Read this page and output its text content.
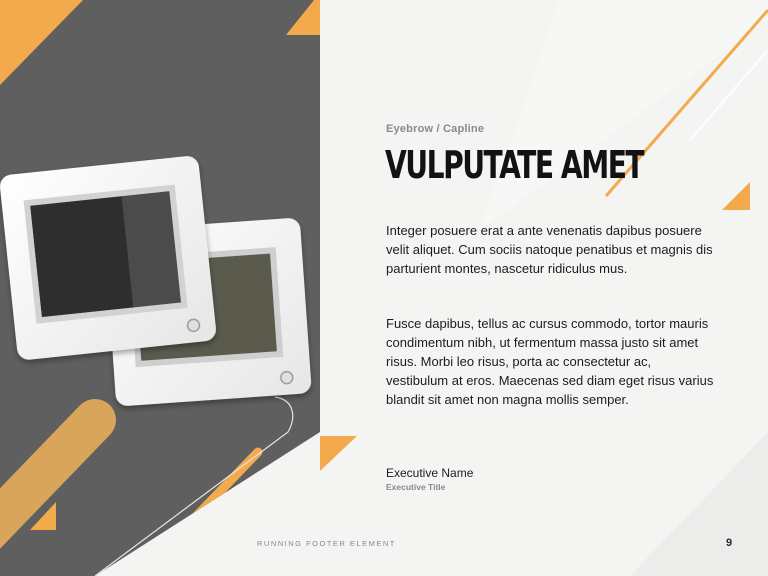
Eyebrow / Capline
VULPUTATE AMET
Integer posuere erat a ante venenatis dapibus posuere velit aliquet. Cum sociis natoque penatibus et magnis dis parturient montes, nascetur ridiculus mus.
Fusce dapibus, tellus ac cursus commodo, tortor mauris condimentum nibh, ut fermentum massa justo sit amet risus. Morbi leo risus, porta ac consectetur ac, vestibulum at eros. Maecenas sed diam eget risus varius blandit sit amet non magna mollis semper.
Executive Name
Executive Title
RUNNING FOOTER ELEMENT	9
